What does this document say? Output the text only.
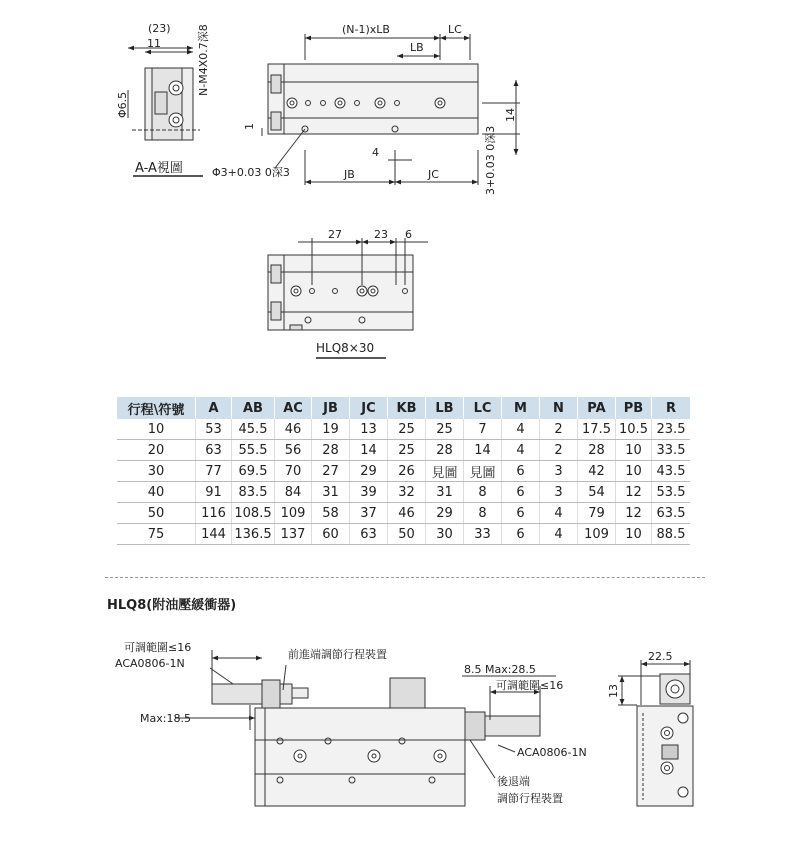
(23)
11	N-M4X0.7深8
Φ6.5
A-A視圖
(N-1)xLB	LC
LB
14
1
4
JB	JC
Φ3+0.03 0深3	3+0.03 0深3
27	23 6
HLQ8×30
可調範圍≤16
ACA0806-1N
前進端調節行程裝置
Max:18.5
8.5 Max:28.5
可調範圍≤16
ACA0806-1N
後退端
調節行程裝置
22.5
13
行程\符號	A	AB	AC	JB	JC	KB	LB	LC	M	N	PA	PB	R
10	53	45.5	46	19	13	25	25	7	4	2	17.5	10.5	23.5
20	63	55.5	56	28	14	25	28	14	4	2	28	10	33.5
30	77	69.5	70	27	29	26	見圖	見圖	6	3	42	10	43.5
40	91	83.5	84	31	39	32	31	8	6	3	54	12	53.5
50	116	108.5	109	58	37	46	29	8	6	4	79	12	63.5
75	144	136.5	137	60	63	50	30	33	6	4	109	10	88.5
HLQ8(附油壓緩衝器)
